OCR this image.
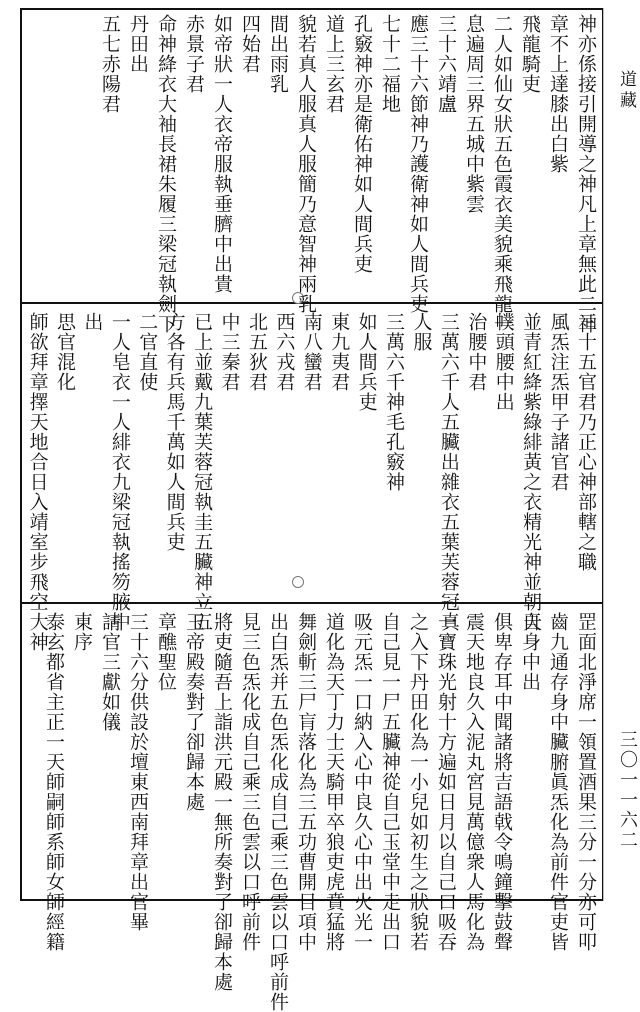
道藏
三〇一一六二
神亦係接引開導之神凡上章無此二神
章不上達膝出白紫
飛龍騎吏
二人如仙女狀五色霞衣美貌乘飛龍一
息遍周三界五城中紫雲
三十六靖盧
應三十六節神乃護衛神如人間兵吏
七十二福地
孔竅神亦是衛佑神如人間兵吏
道上三玄君
貌若真人服真人服簡乃意智神兩乳
間出雨乳
四始君
如帝狀一人衣帝服執垂臍中出貴
赤景子君
命神絳衣大袖長裙朱履三梁冠執劍下
丹田出
五七赤陽君
三十五官君乃正心神部轄之職
風炁注炁甲子諸官君
並青紅絳紫綠緋黃之衣精光神並朝天
幞頭腰中出
治腰中君
三萬六千人五臟出雜衣五葉芙蓉冠真
人服
三萬六千神毛孔竅神
如人間兵吏
東九夷君
南八蠻君
西六戎君
北五狄君
中三秦君
已上並戴九葉芙蓉冠執圭五臟神立五
方各有兵馬千萬如人間兵吏
二官直使
一人皂衣一人緋衣九梁冠執搖笏腋中
出
思官混化
師欲拜章擇天地合日入靖室步飛空大神
罡面北淨席一領置酒果三分一分亦可叩
齒九通存身中臟腑眞炁化為前件官吏皆
自身中出
俱卑存耳中聞諸將吉語戟令鳴鐘擊鼓聲
震天地良久入泥丸宮見萬億衆人馬化為
一寶珠光射十方遍如日月以自己口吸吞
之入下丹田化為一小兒如初生之狀貌若
自己見一尸五臟神從自己玉堂中走出口
吸元炁一口納入心中良久心中出火光一
道化為天丁力士天騎甲卒狼吏虎賁猛將
舞劍斬三尸肓落化為三五功曹開目項中
出白炁并五色炁化成自己乘三色雲以口呼前件
見三色炁化成自己乘三色雲以口呼前件
將吏隨吾上詣洪元殿一無所奏對了卻歸本處
玉帝殿奏對了卻歸本處
章醮聖位
三十六分供設於壇東西南拜章出官畢
請官三獻如儀
東序
泰玄都省主正一天師嗣師系師女師經籍
